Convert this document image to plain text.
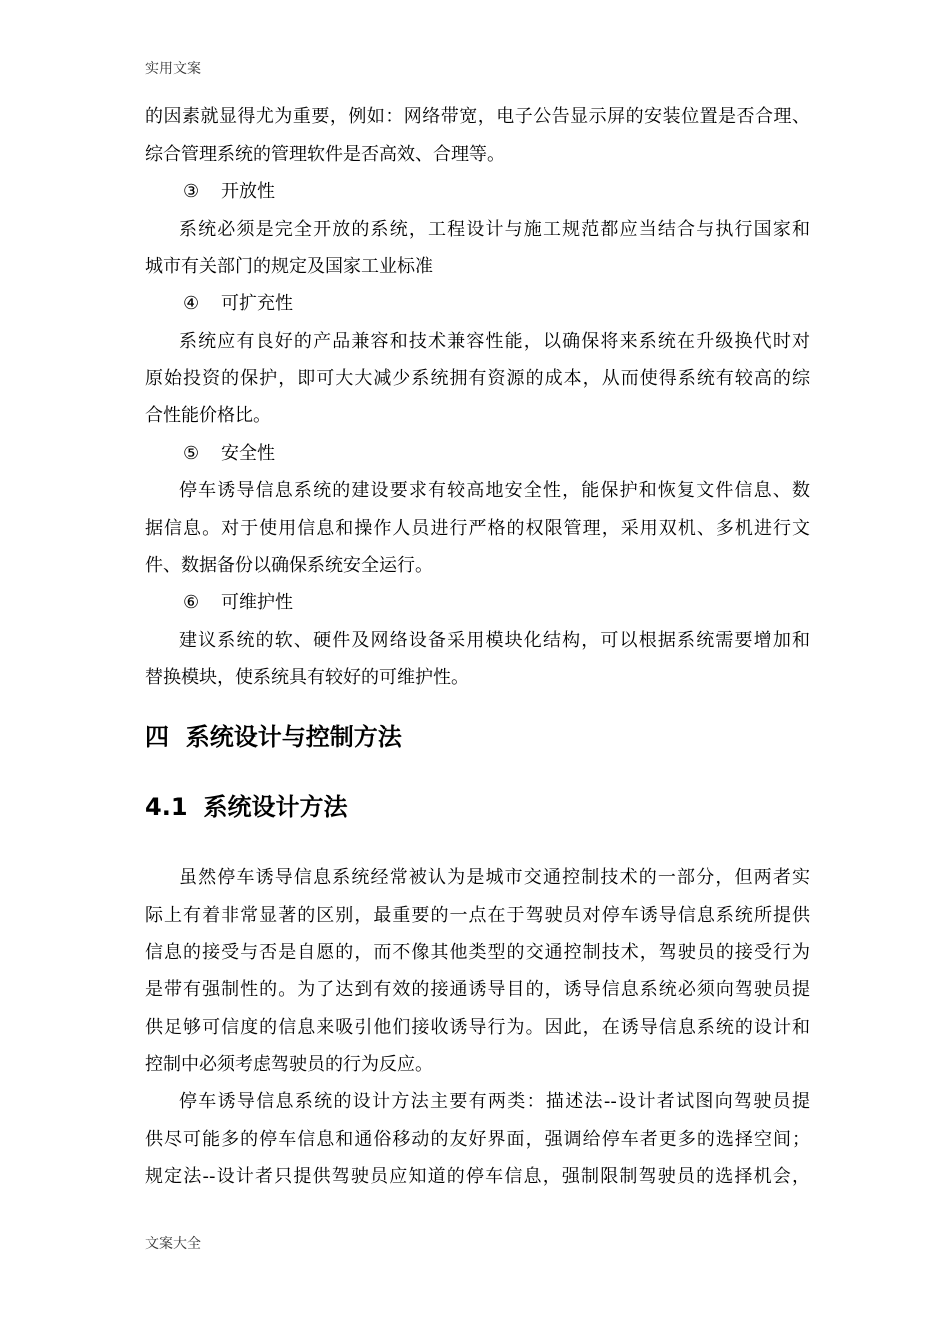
实用文案
的因素就显得尤为重要，例如：网络带宽，电子公告显示屏的安装位置是否合理、
综合管理系统的管理软件是否高效、合理等。
③ 开放性
系统必须是完全开放的系统，工程设计与施工规范都应当结合与执行国家和
城市有关部门的规定及国家工业标准
④ 可扩充性
系统应有良好的产品兼容和技术兼容性能，以确保将来系统在升级换代时对
原始投资的保护，即可大大减少系统拥有资源的成本，从而使得系统有较高的综
合性能价格比。
⑤ 安全性
停车诱导信息系统的建设要求有较高地安全性，能保护和恢复文件信息、数
据信息。对于使用信息和操作人员进行严格的权限管理，采用双机、多机进行文
件、数据备份以确保系统安全运行。
⑥ 可维护性
建议系统的软、硬件及网络设备采用模块化结构，可以根据系统需要增加和
替换模块，使系统具有较好的可维护性。
四  系统设计与控制方法
4.1 系统设计方法
虽然停车诱导信息系统经常被认为是城市交通控制技术的一部分，但两者实
际上有着非常显著的区别，最重要的一点在于驾驶员对停车诱导信息系统所提供
信息的接受与否是自愿的，而不像其他类型的交通控制技术，驾驶员的接受行为
是带有强制性的。为了达到有效的接通诱导目的，诱导信息系统必须向驾驶员提
供足够可信度的信息来吸引他们接收诱导行为。因此，在诱导信息系统的设计和
控制中必须考虑驾驶员的行为反应。
停车诱导信息系统的设计方法主要有两类：描述法--设计者试图向驾驶员提
供尽可能多的停车信息和通俗移动的友好界面，强调给停车者更多的选择空间；
规定法--设计者只提供驾驶员应知道的停车信息，强制限制驾驶员的选择机会，
文案大全
